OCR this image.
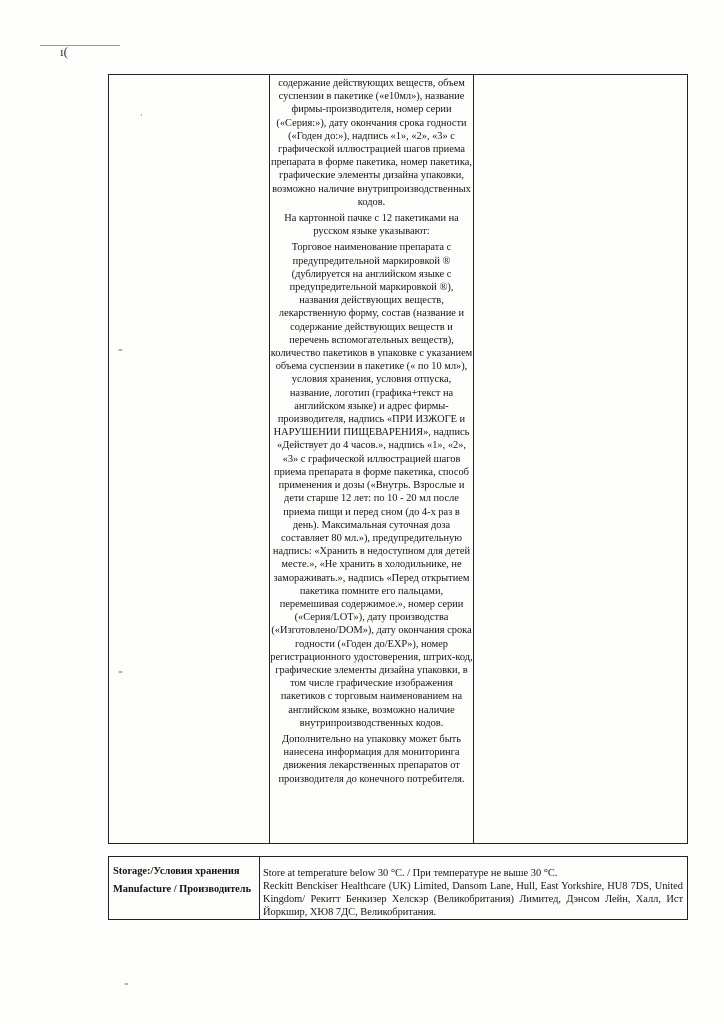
ı(

содержание действующих веществ, объем суспензии в пакетике («е10мл»), название фирмы-производителя, номер серии («Серия:»), дату окончания срока годности («Годен до:»), надпись «1», «2», «3» с графической иллюстрацией шагов приема препарата в форме пакетика, номер пакетика, графические элементы дизайна упаковки, возможно наличие внутрипроизводственных кодов.

На картонной пачке с 12 пакетиками на русском языке указывают:

Торговое наименование препарата с предупредительной маркировкой ® (дублируется на английском языке с предупредительной маркировкой ®), названия действующих веществ, лекарственную форму, состав (название и содержание действующих веществ и перечень вспомогательных веществ), количество пакетиков в упаковке с указанием объема суспензии в пакетике (« по 10 мл»), условия хранения, условия отпуска, название, логотип (графика+текст на английском языке) и адрес фирмы-производителя, надпись «ПРИ ИЗЖОГЕ и НАРУШЕНИИ ПИЩЕВАРЕНИЯ», надпись «Действует до 4 часов.», надпись «1», «2», «3» с графической иллюстрацией шагов приема препарата в форме пакетика, способ применения и дозы («Внутрь. Взрослые и дети старше 12 лет: по 10 - 20 мл после приема пищи и перед сном (до 4-х раз в день). Максимальная суточная доза составляет 80 мл.»), предупредительную надпись: «Хранить в недоступном для детей месте.», «Не хранить в холодильнике, не замораживать.», надпись «Перед открытием пакетика помните его пальцами, перемешивая содержимое.», номер серии («Серия/LOT»), дату производства («Изготовлено/DOM»), дату окончания срока годности («Годен до/EXP»), номер регистрационного удостоверения, штрих-код, графические элементы дизайна упаковки, в том числе графические изображения пакетиков с торговым наименованием на английском языке, возможно наличие внутрипроизводственных кодов.

Дополнительно на упаковку может быть нанесена информация для мониторинга движения лекарственных препаратов от производителя до конечного потребителя.

·
⁼
⁼
⁼
Storage:/Условия хранения	Store at temperature below 30 °C. / При температуре не выше 30 °C.
Manufacture / Производитель	Reckitt Benckiser Healthcare (UK) Limited, Dansom Lane, Hull, East Yorkshire, HU8 7DS, United Kingdom/ Рекитт Бенкизер Хелскэр (Великобритания) Лимитед, Дэнсом Лейн, Халл, Ист Йоркшир, ХЮ8 7ДС, Великобритания.
